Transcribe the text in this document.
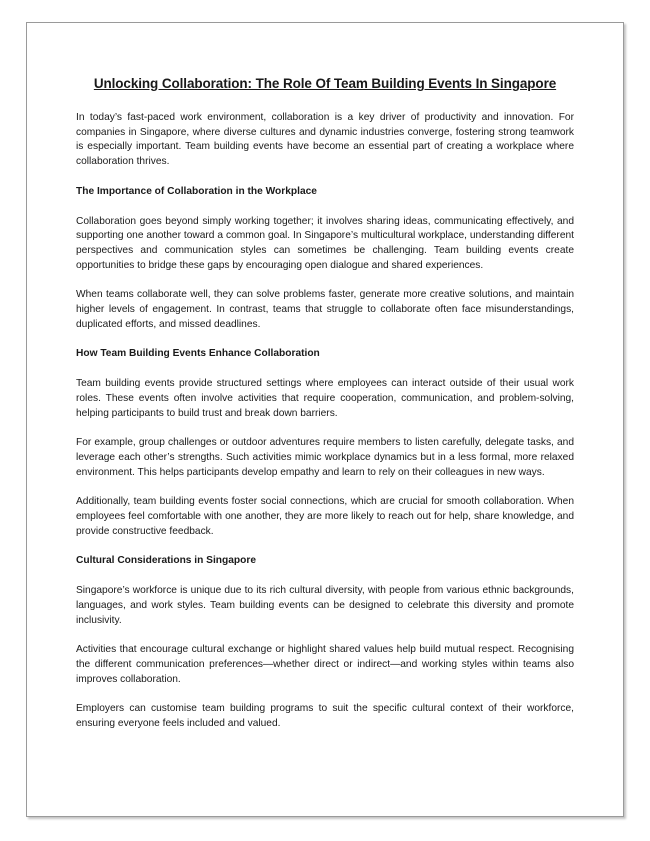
Unlocking Collaboration: The Role Of Team Building Events In Singapore

In today’s fast-paced work environment, collaboration is a key driver of productivity and innovation. For companies in Singapore, where diverse cultures and dynamic industries converge, fostering strong teamwork is especially important. Team building events have become an essential part of creating a workplace where collaboration thrives.

The Importance of Collaboration in the Workplace

Collaboration goes beyond simply working together; it involves sharing ideas, communicating effectively, and supporting one another toward a common goal. In Singapore’s multicultural workplace, understanding different perspectives and communication styles can sometimes be challenging. Team building events create opportunities to bridge these gaps by encouraging open dialogue and shared experiences.

When teams collaborate well, they can solve problems faster, generate more creative solutions, and maintain higher levels of engagement. In contrast, teams that struggle to collaborate often face misunderstandings, duplicated efforts, and missed deadlines.

How Team Building Events Enhance Collaboration

Team building events provide structured settings where employees can interact outside of their usual work roles. These events often involve activities that require cooperation, communication, and problem-solving, helping participants to build trust and break down barriers.

For example, group challenges or outdoor adventures require members to listen carefully, delegate tasks, and leverage each other’s strengths. Such activities mimic workplace dynamics but in a less formal, more relaxed environment. This helps participants develop empathy and learn to rely on their colleagues in new ways.

Additionally, team building events foster social connections, which are crucial for smooth collaboration. When employees feel comfortable with one another, they are more likely to reach out for help, share knowledge, and provide constructive feedback.

Cultural Considerations in Singapore

Singapore’s workforce is unique due to its rich cultural diversity, with people from various ethnic backgrounds, languages, and work styles. Team building events can be designed to celebrate this diversity and promote inclusivity.

Activities that encourage cultural exchange or highlight shared values help build mutual respect. Recognising the different communication preferences—whether direct or indirect—and working styles within teams also improves collaboration.

Employers can customise team building programs to suit the specific cultural context of their workforce, ensuring everyone feels included and valued.
